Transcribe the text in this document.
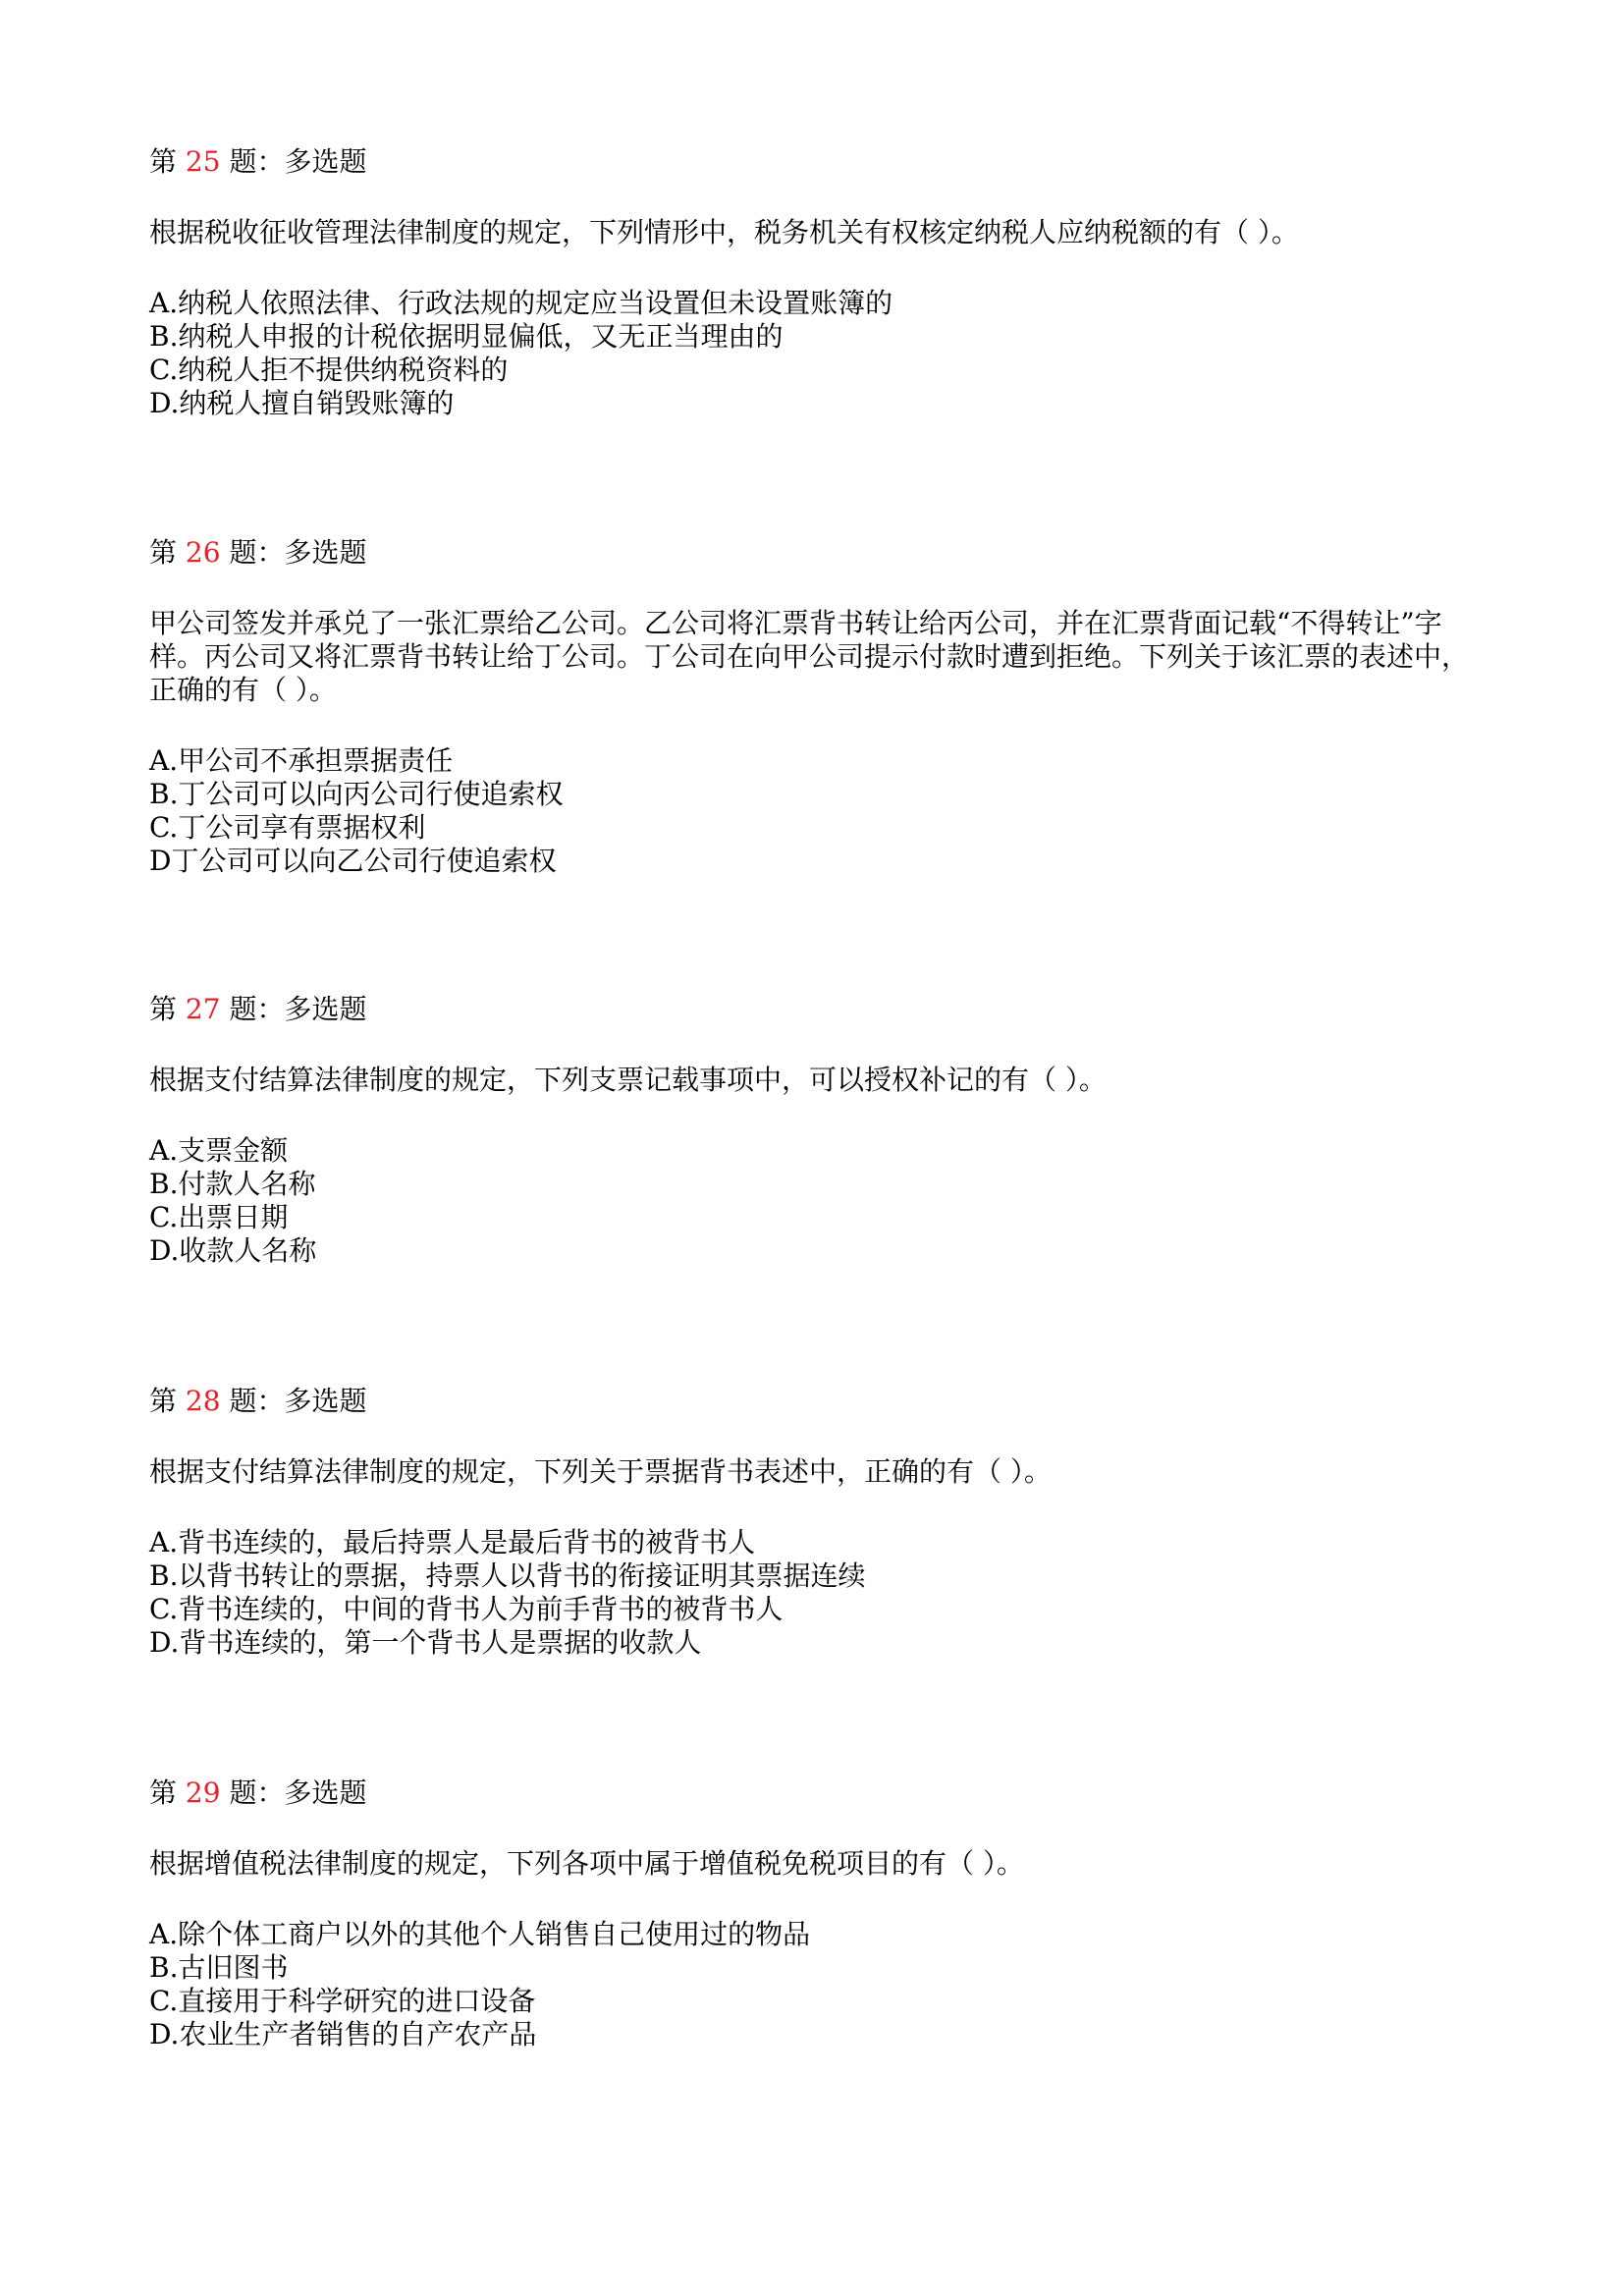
第 25 题：多选题
根据税收征收管理法律制度的规定，下列情形中，税务机关有权核定纳税人应纳税额的有（ ）。
A.纳税人依照法律、行政法规的规定应当设置但未设置账簿的
B.纳税人申报的计税依据明显偏低，又无正当理由的
C.纳税人拒不提供纳税资料的
D.纳税人擅自销毁账簿的
第 26 题：多选题
甲公司签发并承兑了一张汇票给乙公司。乙公司将汇票背书转让给丙公司，并在汇票背面记载“不得转让”字样。丙公司又将汇票背书转让给丁公司。丁公司在向甲公司提示付款时遭到拒绝。下列关于该汇票的表述中，正确的有（ ）。
A.甲公司不承担票据责任
B.丁公司可以向丙公司行使追索权
C.丁公司享有票据权利
D丁公司可以向乙公司行使追索权
第 27 题：多选题
根据支付结算法律制度的规定，下列支票记载事项中，可以授权补记的有（ ）。
A.支票金额
B.付款人名称
C.出票日期
D.收款人名称
第 28 题：多选题
根据支付结算法律制度的规定，下列关于票据背书表述中，正确的有（ ）。
A.背书连续的，最后持票人是最后背书的被背书人
B.以背书转让的票据，持票人以背书的衔接证明其票据连续
C.背书连续的，中间的背书人为前手背书的被背书人
D.背书连续的，第一个背书人是票据的收款人
第 29 题：多选题
根据增值税法律制度的规定，下列各项中属于增值税免税项目的有（ ）。
A.除个体工商户以外的其他个人销售自己使用过的物品
B.古旧图书
C.直接用于科学研究的进口设备
D.农业生产者销售的自产农产品
